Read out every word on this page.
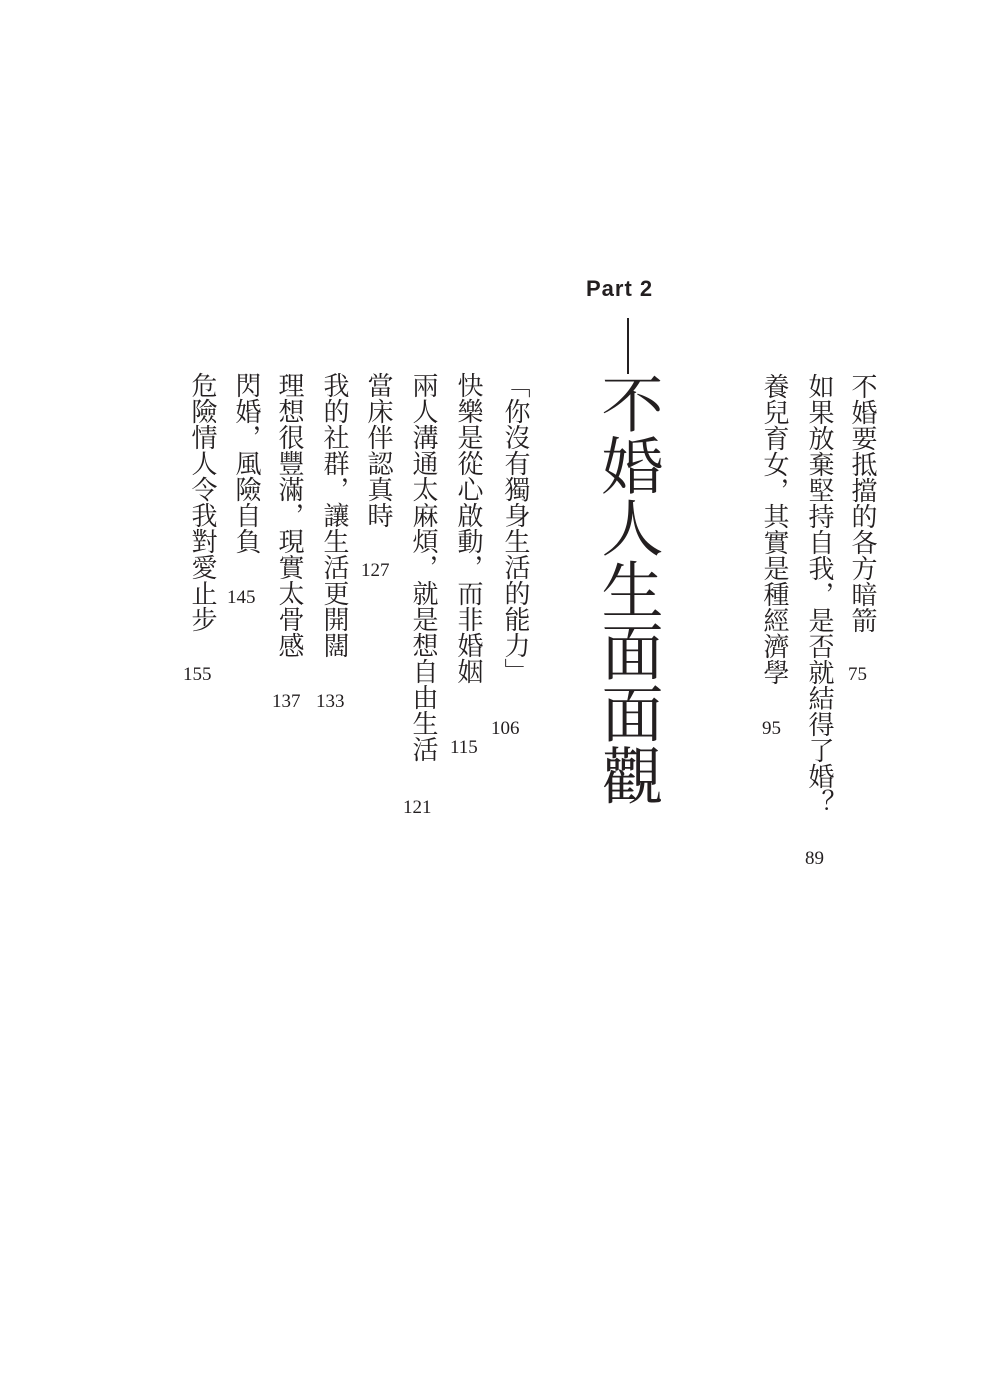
Part 2
不婚人生面面觀	不婚要抵擋的各方暗箭
75
如果放棄堅持自我，是否就結得了婚？
89
養兒育女，其實是種經濟學
95
「你沒有獨身生活的能力」
106
快樂是從心啟動，而非婚姻
115
兩人溝通太麻煩，就是想自由生活
121
當床伴認真時
127
我的社群，讓生活更開闊
133
理想很豐滿，現實太骨感
137
閃婚，風險自負
145
危險情人令我對愛止步
155
